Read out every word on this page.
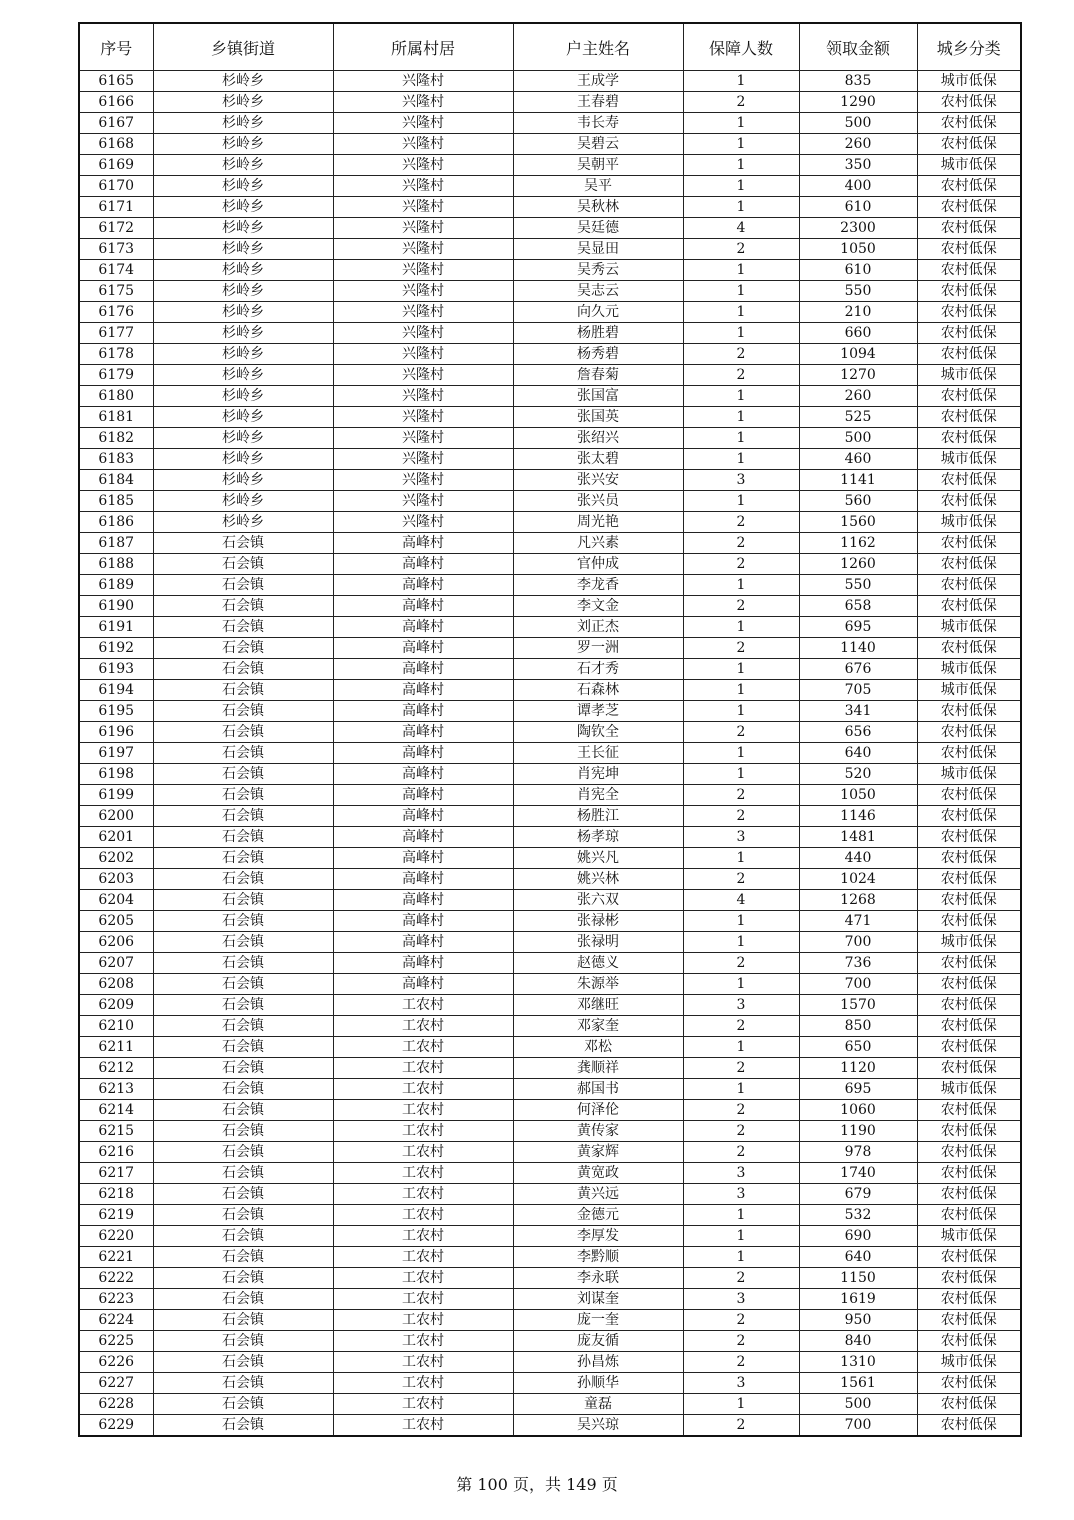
序号	乡镇街道	所属村居	户主姓名	保障人数	领取金额	城乡分类
6165	杉岭乡	兴隆村	王成学	1	835	城市低保
6166	杉岭乡	兴隆村	王春碧	2	1290	农村低保
6167	杉岭乡	兴隆村	韦长寿	1	500	农村低保
6168	杉岭乡	兴隆村	吴碧云	1	260	农村低保
6169	杉岭乡	兴隆村	吴朝平	1	350	城市低保
6170	杉岭乡	兴隆村	吴平	1	400	农村低保
6171	杉岭乡	兴隆村	吴秋林	1	610	农村低保
6172	杉岭乡	兴隆村	吴廷德	4	2300	农村低保
6173	杉岭乡	兴隆村	吴显田	2	1050	农村低保
6174	杉岭乡	兴隆村	吴秀云	1	610	农村低保
6175	杉岭乡	兴隆村	吴志云	1	550	农村低保
6176	杉岭乡	兴隆村	向久元	1	210	农村低保
6177	杉岭乡	兴隆村	杨胜碧	1	660	农村低保
6178	杉岭乡	兴隆村	杨秀碧	2	1094	农村低保
6179	杉岭乡	兴隆村	詹春菊	2	1270	城市低保
6180	杉岭乡	兴隆村	张国富	1	260	农村低保
6181	杉岭乡	兴隆村	张国英	1	525	农村低保
6182	杉岭乡	兴隆村	张绍兴	1	500	农村低保
6183	杉岭乡	兴隆村	张太碧	1	460	城市低保
6184	杉岭乡	兴隆村	张兴安	3	1141	农村低保
6185	杉岭乡	兴隆村	张兴员	1	560	农村低保
6186	杉岭乡	兴隆村	周光艳	2	1560	城市低保
6187	石会镇	高峰村	凡兴素	2	1162	农村低保
6188	石会镇	高峰村	官仲成	2	1260	农村低保
6189	石会镇	高峰村	李龙香	1	550	农村低保
6190	石会镇	高峰村	李文金	2	658	农村低保
6191	石会镇	高峰村	刘正杰	1	695	城市低保
6192	石会镇	高峰村	罗一洲	2	1140	农村低保
6193	石会镇	高峰村	石才秀	1	676	城市低保
6194	石会镇	高峰村	石森林	1	705	城市低保
6195	石会镇	高峰村	谭孝芝	1	341	农村低保
6196	石会镇	高峰村	陶钦全	2	656	农村低保
6197	石会镇	高峰村	王长征	1	640	农村低保
6198	石会镇	高峰村	肖宪坤	1	520	城市低保
6199	石会镇	高峰村	肖宪全	2	1050	农村低保
6200	石会镇	高峰村	杨胜江	2	1146	农村低保
6201	石会镇	高峰村	杨孝琼	3	1481	农村低保
6202	石会镇	高峰村	姚兴凡	1	440	农村低保
6203	石会镇	高峰村	姚兴林	2	1024	农村低保
6204	石会镇	高峰村	张六双	4	1268	农村低保
6205	石会镇	高峰村	张禄彬	1	471	农村低保
6206	石会镇	高峰村	张禄明	1	700	城市低保
6207	石会镇	高峰村	赵德义	2	736	农村低保
6208	石会镇	高峰村	朱源举	1	700	农村低保
6209	石会镇	工农村	邓继旺	3	1570	农村低保
6210	石会镇	工农村	邓家奎	2	850	农村低保
6211	石会镇	工农村	邓松	1	650	农村低保
6212	石会镇	工农村	龚顺祥	2	1120	农村低保
6213	石会镇	工农村	郝国书	1	695	城市低保
6214	石会镇	工农村	何泽伦	2	1060	农村低保
6215	石会镇	工农村	黄传家	2	1190	农村低保
6216	石会镇	工农村	黄家辉	2	978	农村低保
6217	石会镇	工农村	黄宽政	3	1740	农村低保
6218	石会镇	工农村	黄兴远	3	679	农村低保
6219	石会镇	工农村	金德元	1	532	农村低保
6220	石会镇	工农村	李厚发	1	690	城市低保
6221	石会镇	工农村	李黔顺	1	640	农村低保
6222	石会镇	工农村	李永联	2	1150	农村低保
6223	石会镇	工农村	刘谋奎	3	1619	农村低保
6224	石会镇	工农村	庞一奎	2	950	农村低保
6225	石会镇	工农村	庞友循	2	840	农村低保
6226	石会镇	工农村	孙昌炼	2	1310	城市低保
6227	石会镇	工农村	孙顺华	3	1561	农村低保
6228	石会镇	工农村	童磊	1	500	农村低保
6229	石会镇	工农村	吴兴琼	2	700	农村低保
第 100 页，共 149 页
